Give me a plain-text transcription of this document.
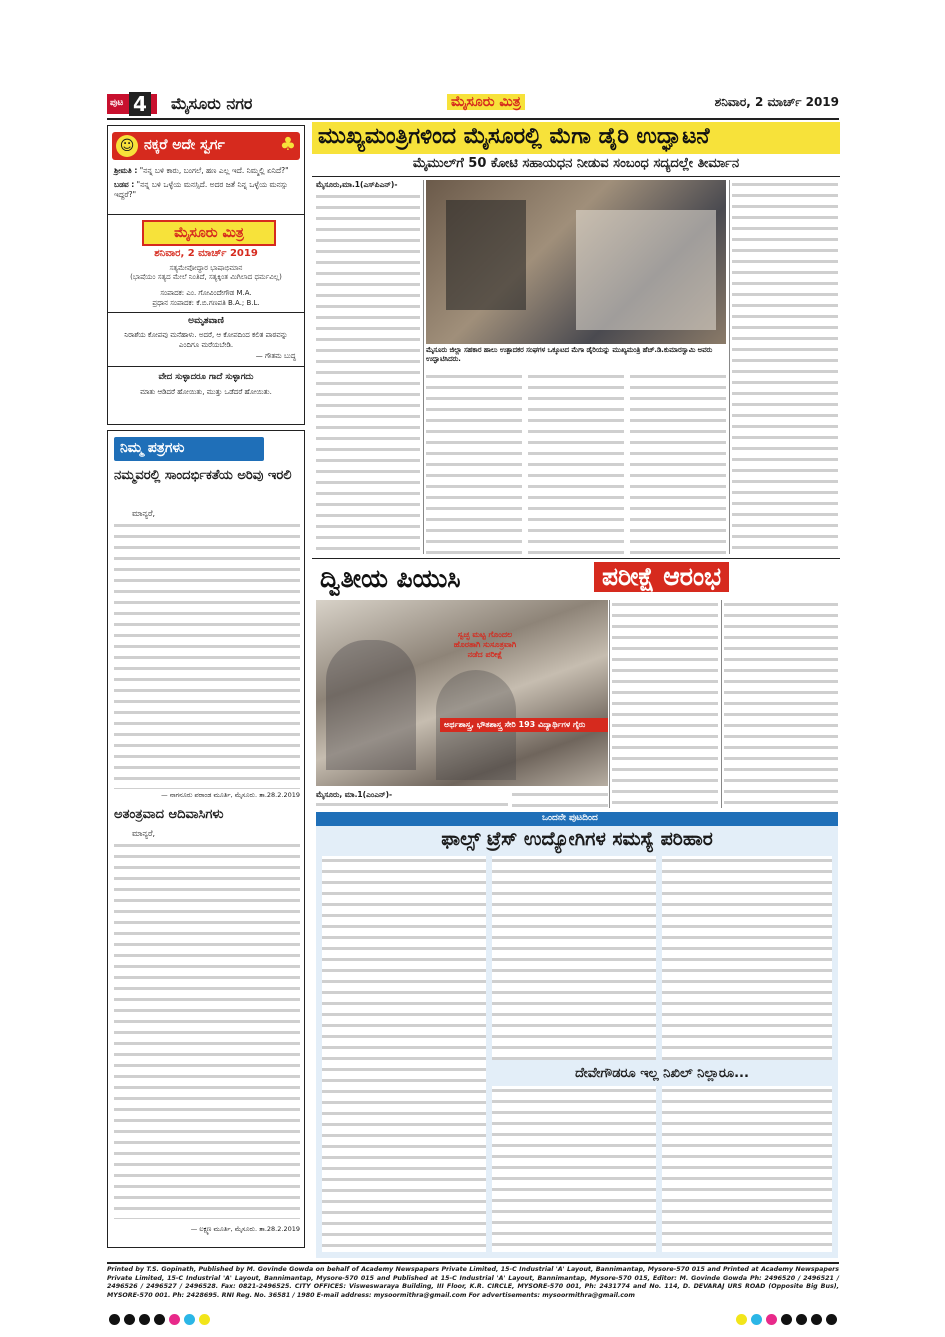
ಪುಟ 4 ಮೈಸೂರು ನಗರ	ಮೈಸೂರು ಮಿತ್ರ	ಶನಿವಾರ, 2 ಮಾರ್ಚ್ 2019
☺ ನಕ್ಕರೆ ಅದೇ ಸ್ವರ್ಗ	♣
ಶ್ರೀಮತಿ : "ನನ್ನ ಬಳಿ ಕಾರು, ಬಂಗಲೆ, ಹಣ ಎಲ್ಲ ಇದೆ. ನಿಮ್ಮಲ್ಲಿ ಏನಿದೆ?"
ಬಡವ : "ನನ್ನ ಬಳಿ ಒಳ್ಳೆಯ ಮನಸ್ಸಿದೆ. ಅದರ ಜತೆ ನಿನ್ನ ಒಳ್ಳೆಯ ಮನಸ್ಸು ಇದ್ದರೆ?"
ಮೈಸೂರು ಮಿತ್ರ
ಶನಿವಾರ, 2 ಮಾರ್ಚ್ 2019
ಸತ್ಯಮೇವೋದ್ಧಾರ ಭಾಷಾಭಿಮಾನ
(ಭಾಷೆಯಂ ಸತ್ಯದ ಮೇಲೆ ನಿಂತಿದೆ, ಸತ್ಯಕ್ಕಿಂತ ಮಿಗಿಲಾದ ಧರ್ಮವಿಲ್ಲ)
ಸಂಪಾದಕ: ಎಂ. ಗೋವಿಂದೇಗೌಡ M.A.
ಪ್ರಧಾನ ಸಂಪಾದಕ: ಕೆ.ಬಿ.ಗಣಪತಿ B.A.; B.L.
ಅಮೃತವಾಣಿ
ನಿರಾಶೆಯ ಕೋಪವು ಮನೆಹಾಳು. ಅದರೆ, ಆ ಕೋಪದಿಂದ ಕಲಿತ ಪಾಠವನ್ನು ಎಂದಿಗೂ ಮರೆಯಬೇಡಿ.
— ಗೌತಮ ಬುದ್ಧ
ವೇದ ಸುಳ್ಳಾದರೂ ಗಾದೆ ಸುಳ್ಳಾಗದು
ಮಾತು ಆಡಿದರೆ ಹೋಯಿತು, ಮುತ್ತು ಒಡೆದರೆ ಹೋಯಿತು.
ನಿಮ್ಮ ಪತ್ರಗಳು
ನಮ್ಮವರಲ್ಲಿ ಸಾಂದರ್ಭಿಕತೆಯ ಅರಿವು ಇರಲಿ
ಮಾನ್ಯರೆ,
— ನಾಗನೂರು ಪರಾಂಡ ಮೂರ್ತಿ, ಮೈಸೂರು. ತಾ.28.2.2019
ಅತಂತ್ರವಾದ ಆದಿವಾಸಿಗಳು
ಮಾನ್ಯರೆ,
— ಲಕ್ಷ್ಮಣ ಮೂರ್ತಿ, ಮೈಸೂರು. ತಾ.28.2.2019
ಮುಖ್ಯಮಂತ್ರಿಗಳಿಂದ ಮೈಸೂರಲ್ಲಿ ಮೆಗಾ ಡೈರಿ ಉದ್ಘಾಟನೆ
ಮೈಮುಲ್‌ಗೆ 50 ಕೋಟಿ ಸಹಾಯಧನ ನೀಡುವ ಸಂಬಂಧ ಸದ್ಯದಲ್ಲೇ ತೀರ್ಮಾನ
ಮೈಸೂರು,ಮಾ.1(ಎಸ್‌ಪಿಎನ್)-
ಮೈಸೂರು ಜಿಲ್ಲಾ ಸಹಕಾರ ಹಾಲು ಉತ್ಪಾದಕರ ಸಂಘಗಳ ಒಕ್ಕೂಟದ ಮೆಗಾ ಡೈರಿಯನ್ನು ಮುಖ್ಯಮಂತ್ರಿ ಹೆಚ್.ಡಿ.ಕುಮಾರಸ್ವಾಮಿ ಅವರು ಉದ್ಘಾಟಿಸಿದರು.
ದ್ವಿತೀಯ ಪಿಯುಸಿ	ಪರೀಕ್ಷೆ ಆರಂಭ
ಸ್ವಚ್ಛ ಮಟ್ಟ ಗೊಂದಲ ಹೊರತಾಗಿ ಸುಸೂತ್ರವಾಗಿ ನಡೆದ ಪರೀಕ್ಷೆ
ಅರ್ಥಶಾಸ್ತ್ರ, ಭೌತಶಾಸ್ತ್ರ ಸೇರಿ 193 ವಿದ್ಯಾರ್ಥಿಗಳ ಗೈರು
ಮೈಸೂರು, ಮಾ.1(ಎಂಎನ್)-
ಒಂದನೇ ಪುಟದಿಂದ
ಫಾಲ್ಸ್ ಟ್ರೆಸ್ ಉದ್ಯೋಗಿಗಳ ಸಮಸ್ಯೆ ಪರಿಹಾರ
ದೇವೇಗೌಡರೂ ಇಲ್ಲ ನಿಖಿಲ್ ನಿಲ್ಲಾರೂ...
Printed by T.S. Gopinath, Published by M. Govinde Gowda on behalf of Academy Newspapers Private Limited, 15-C Industrial 'A' Layout, Bannimantap, Mysore-570 015 and Printed at Academy Newspapers Private Limited, 15-C Industrial 'A' Layout, Bannimantap, Mysore-570 015 and Published at 15-C Industrial 'A' Layout, Bannimantap, Mysore-570 015, Editor: M. Govinde Gowda Ph: 2496520 / 2496521 / 2496526 / 2496527 / 2496528. Fax: 0821-2496525. CITY OFFICES: Visweswaraya Building, III Floor, K.R. CIRCLE, MYSORE-570 001, Ph: 2431774 and No. 114, D. DEVARAJ URS ROAD (Opposite Big Bus), MYSORE-570 001. Ph: 2428695. RNI Reg. No. 36581 / 1980 E-mail address: mysoormithra@gmail.com For advertisements: mysoormithra@gmail.com
